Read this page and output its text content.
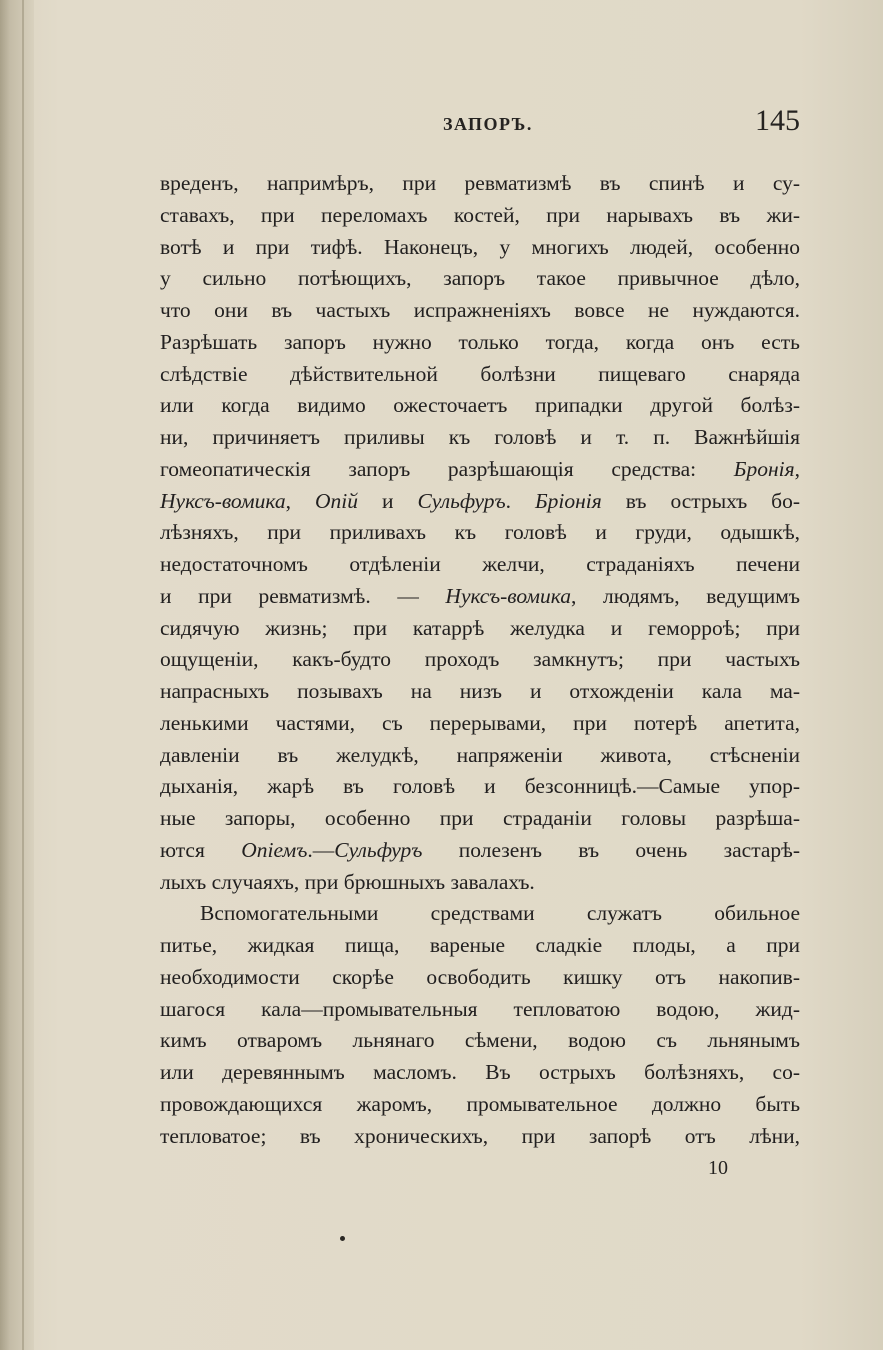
ЗАПОРЪ.	145
вреденъ, напримѣръ, при ревматизмѣ въ спинѣ и су-
ставахъ, при переломахъ костей, при нарывахъ въ жи-
вотѣ и при тифѣ. Наконецъ, у многихъ людей, особенно
у сильно потѣющихъ, запоръ такое привычное дѣло,
что они въ частыхъ испражненіяхъ вовсе не нуждаются.
Разрѣшать запоръ нужно только тогда, когда онъ есть
слѣдствіе дѣйствительной болѣзни пищеваго снаряда
или когда видимо ожесточаетъ припадки другой болѣз-
ни, причиняетъ приливы къ головѣ и т. п. Важнѣйшія
гомеопатическія запоръ разрѣшающія средства: Бронія,
Нуксъ-вомика, Опій и Сульфуръ. Бріонія въ острыхъ бо-
лѣзняхъ, при приливахъ къ головѣ и груди, одышкѣ,
недостаточномъ отдѣленіи желчи, страданіяхъ печени
и при ревматизмѣ. — Нуксъ-вомика, людямъ, ведущимъ
сидячую жизнь; при катаррѣ желудка и геморроѣ; при
ощущеніи, какъ-будто проходъ замкнутъ; при частыхъ
напрасныхъ позывахъ на низъ и отхожденіи кала ма-
ленькими частями, съ перерывами, при потерѣ апетита,
давленіи въ желудкѣ, напряженіи живота, стѣсненіи
дыханія, жарѣ въ головѣ и безсонницѣ.—Самые упор-
ные запоры, особенно при страданіи головы разрѣша-
ются Опіемъ.—Сульфуръ полезенъ въ очень застарѣ-
лыхъ случаяхъ, при брюшныхъ завалахъ.
Вспомогательными средствами служатъ обильное
питье, жидкая пища, вареные сладкіе плоды, а при
необходимости скорѣе освободить кишку отъ накопив-
шагося кала—промывательныя тепловатою водою, жид-
кимъ отваромъ льнянаго сѣмени, водою съ льнянымъ
или деревяннымъ масломъ. Въ острыхъ болѣзняхъ, со-
провождающихся жаромъ, промывательное должно быть
тепловатое; въ хроническихъ, при запорѣ отъ лѣни,
10
